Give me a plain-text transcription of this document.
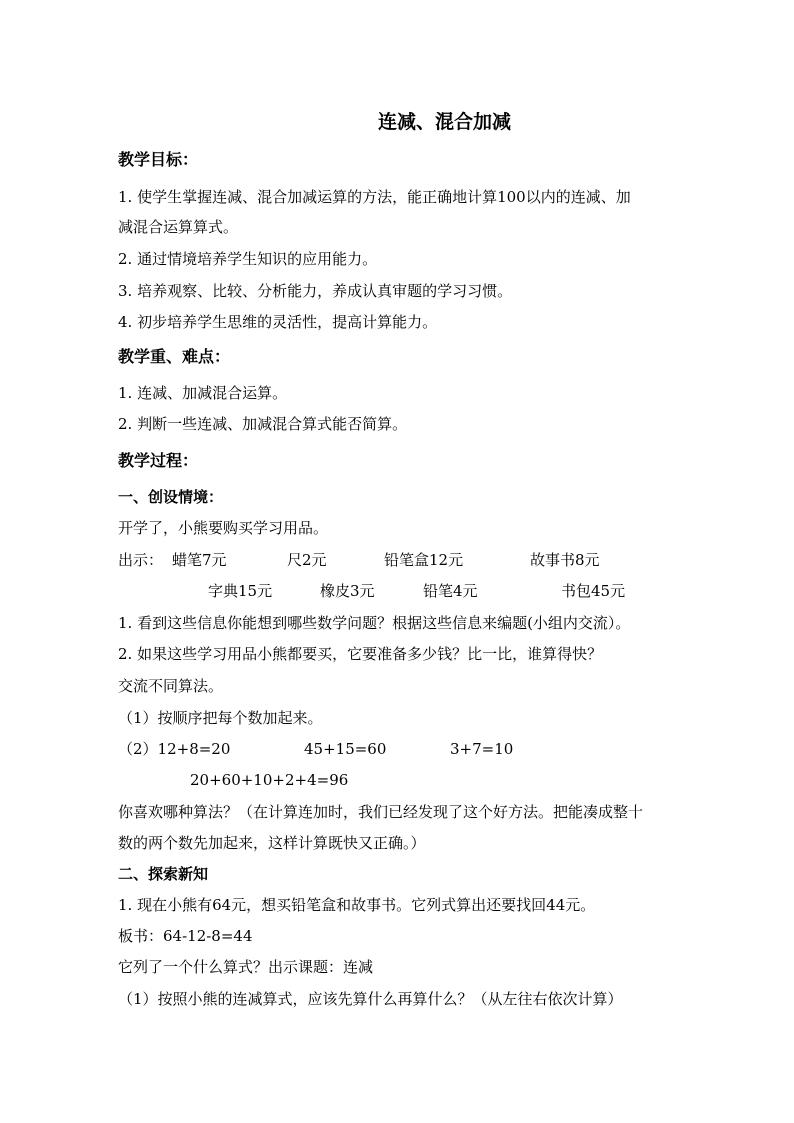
连减、混合加减
教学目标：
1. 使学生掌握连减、混合加减运算的方法，能正确地计算100以内的连减、加
减混合运算算式。
2. 通过情境培养学生知识的应用能力。
3. 培养观察、比较、分析能力，养成认真审题的学习习惯。
4. 初步培养学生思维的灵活性，提高计算能力。
教学重、难点：
1. 连减、加减混合运算。
2. 判断一些连减、加减混合算式能否简算。
教学过程：
一、创设情境：
开学了，小熊要购买学习用品。
出示： 蜡笔7元	尺2元	铅笔盒12元	故事书8元
字典15元	橡皮3元	铅笔4元	书包45元
1. 看到这些信息你能想到哪些数学问题？根据这些信息来编题(小组内交流）。
2. 如果这些学习用品小熊都要买，它要准备多少钱？比一比，谁算得快？
交流不同算法。
（1）按顺序把每个数加起来。
（2）12+8=20	45+15=60	3+7=10
20+60+10+2+4=96
你喜欢哪种算法？（在计算连加时，我们已经发现了这个好方法。把能凑成整十
数的两个数先加起来，这样计算既快又正确。）
二、探索新知
1. 现在小熊有64元，想买铅笔盒和故事书。它列式算出还要找回44元。
板书：64-12-8=44
它列了一个什么算式？出示课题：连减
（1）按照小熊的连减算式，应该先算什么再算什么？（从左往右依次计算）
